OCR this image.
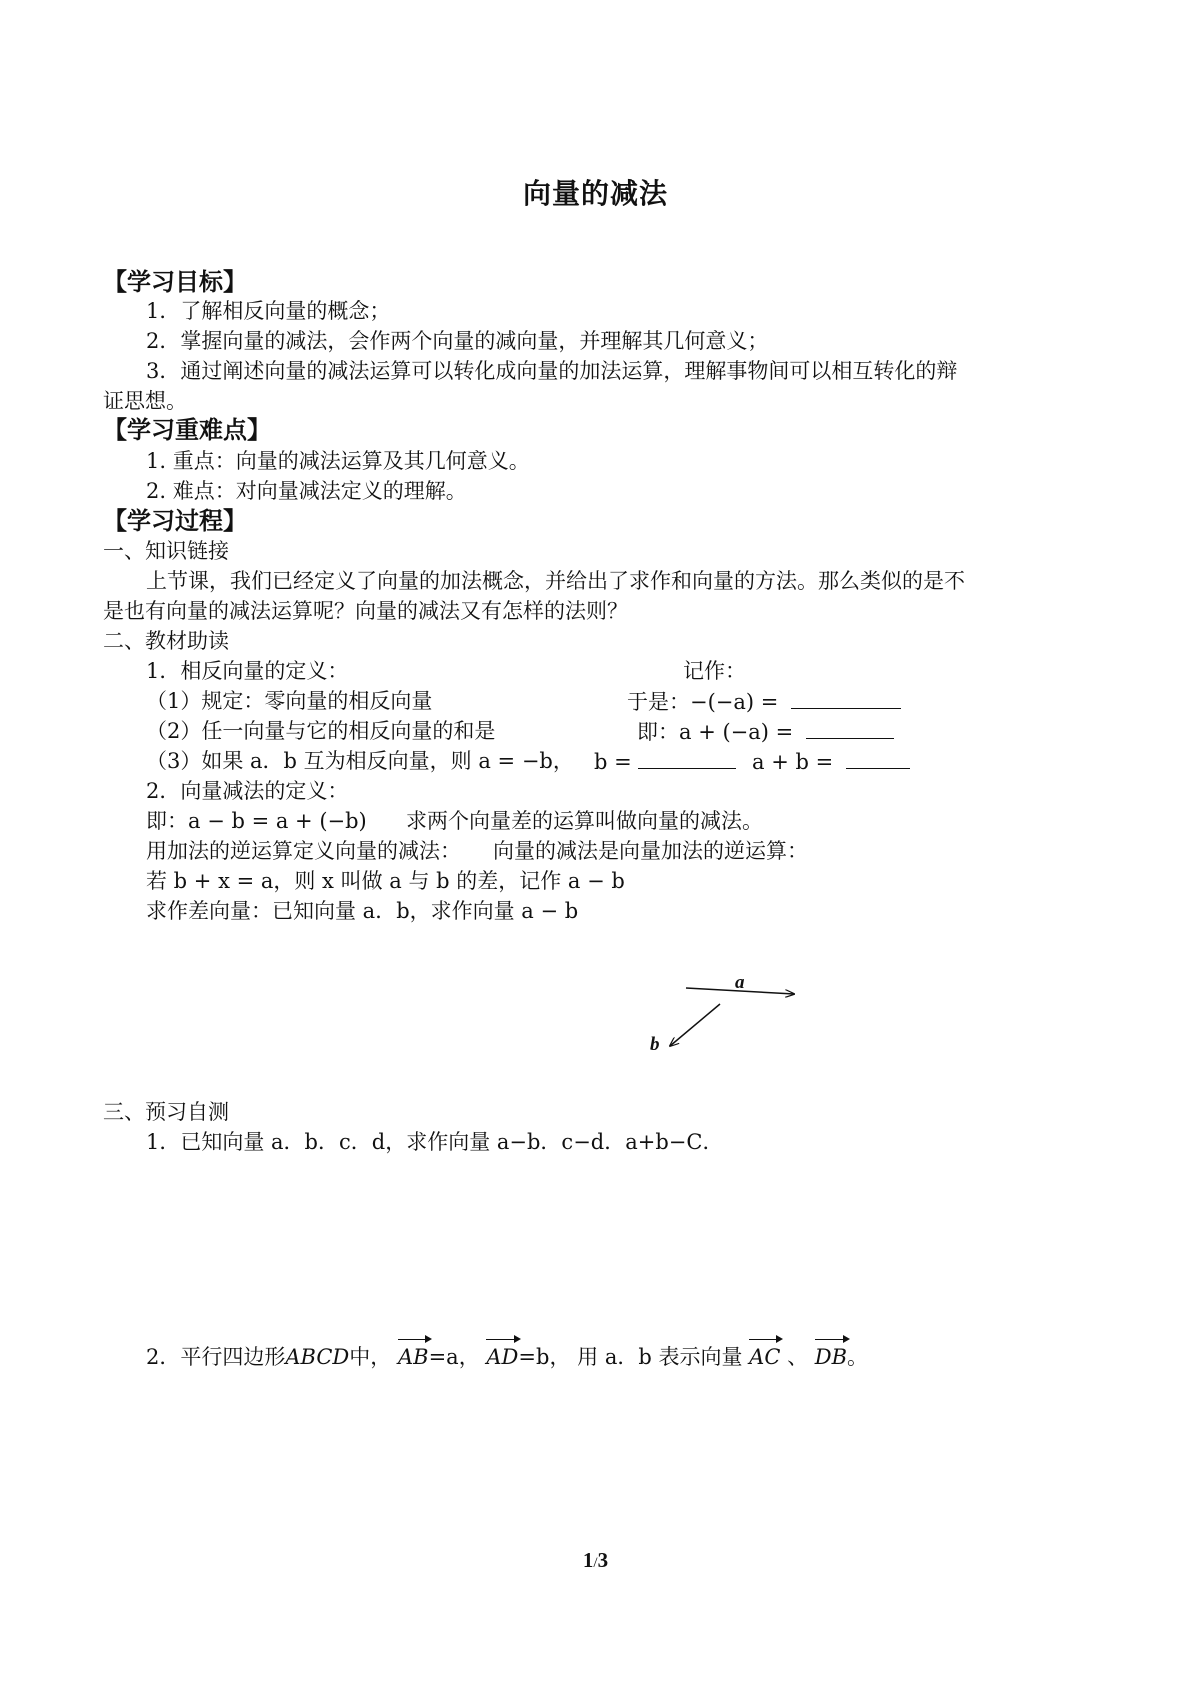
向量的减法
【学习目标】
1．了解相反向量的概念；
2．掌握向量的减法，会作两个向量的减向量，并理解其几何意义；
3．通过阐述向量的减法运算可以转化成向量的加法运算，理解事物间可以相互转化的辩
证思想。
【学习重难点】
1. 重点：向量的减法运算及其几何意义。
2. 难点：对向量减法定义的理解。
【学习过程】
一、知识链接
上节课，我们已经定义了向量的加法概念，并给出了求作和向量的方法。那么类似的是不
是也有向量的减法运算呢？向量的减法又有怎样的法则？
二、教材助读
1．相反向量的定义：	记作：
（1）规定：零向量的相反向量	于是：−(−a) =
（2）任一向量与它的相反向量的和是	即：a + (−a) =
（3）如果 a．b 互为相反向量，则 a = −b， b =	a + b =
2．向量减法的定义：
即：a − b = a + (−b) 求两个向量差的运算叫做向量的减法。
用加法的逆运算定义向量的减法： 向量的减法是向量加法的逆运算：
若 b + x = a，则 x 叫做 a 与 b 的差，记作 a − b
求作差向量：已知向量 a．b，求作向量 a − b
a
b
三、预习自测
1．已知向量 a．b．c．d，求作向量 a−b．c−d．a+b−C．
2．平行四边形ABCD中， AB=a， AD=b， 用 a．b 表示向量 AC 、 DB。
1/3
